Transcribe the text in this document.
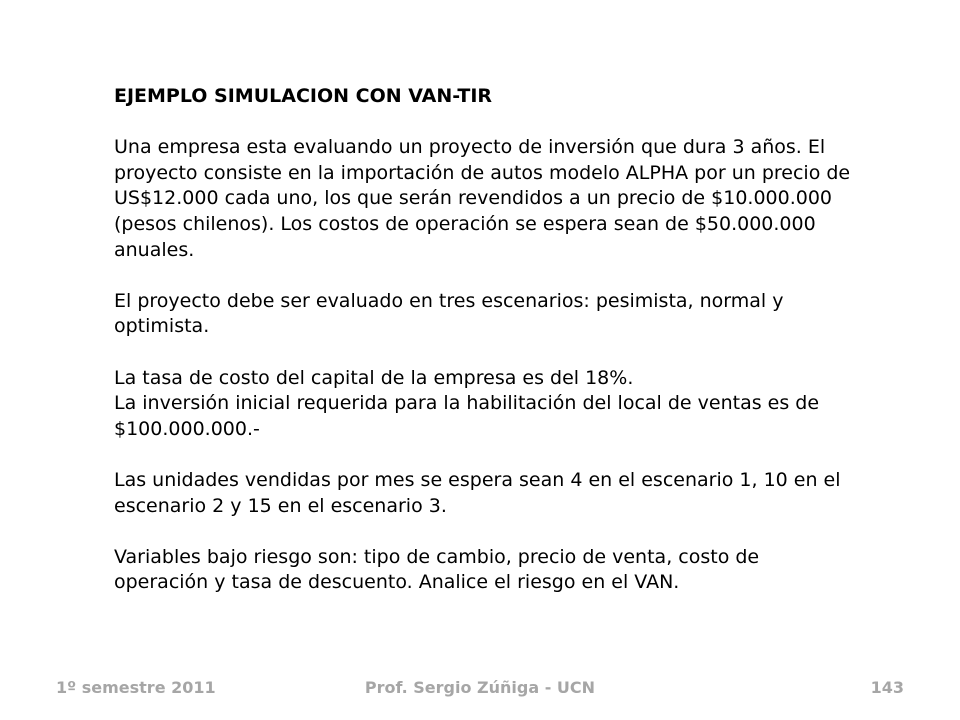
EJEMPLO SIMULACION CON VAN-TIR

Una empresa esta evaluando un proyecto de inversión que dura 3 años. El proyecto consiste en la importación de autos modelo ALPHA por un precio de US$12.000 cada uno, los que serán revendidos a un precio de $10.000.000 (pesos chilenos). Los costos de operación se espera sean de $50.000.000 anuales.

El proyecto debe ser evaluado en tres escenarios: pesimista, normal y optimista.

La tasa de costo del capital de la empresa es del 18%.

La inversión inicial requerida para la habilitación del local de ventas es de $100.000.000.-

Las unidades vendidas por mes se espera sean 4 en el escenario 1, 10 en el escenario 2 y 15 en el escenario 3.

Variables bajo riesgo son: tipo de cambio, precio de venta, costo de operación y tasa de descuento. Analice el riesgo en el VAN.

1º semestre 2011	Prof. Sergio Zúñiga - UCN	143
